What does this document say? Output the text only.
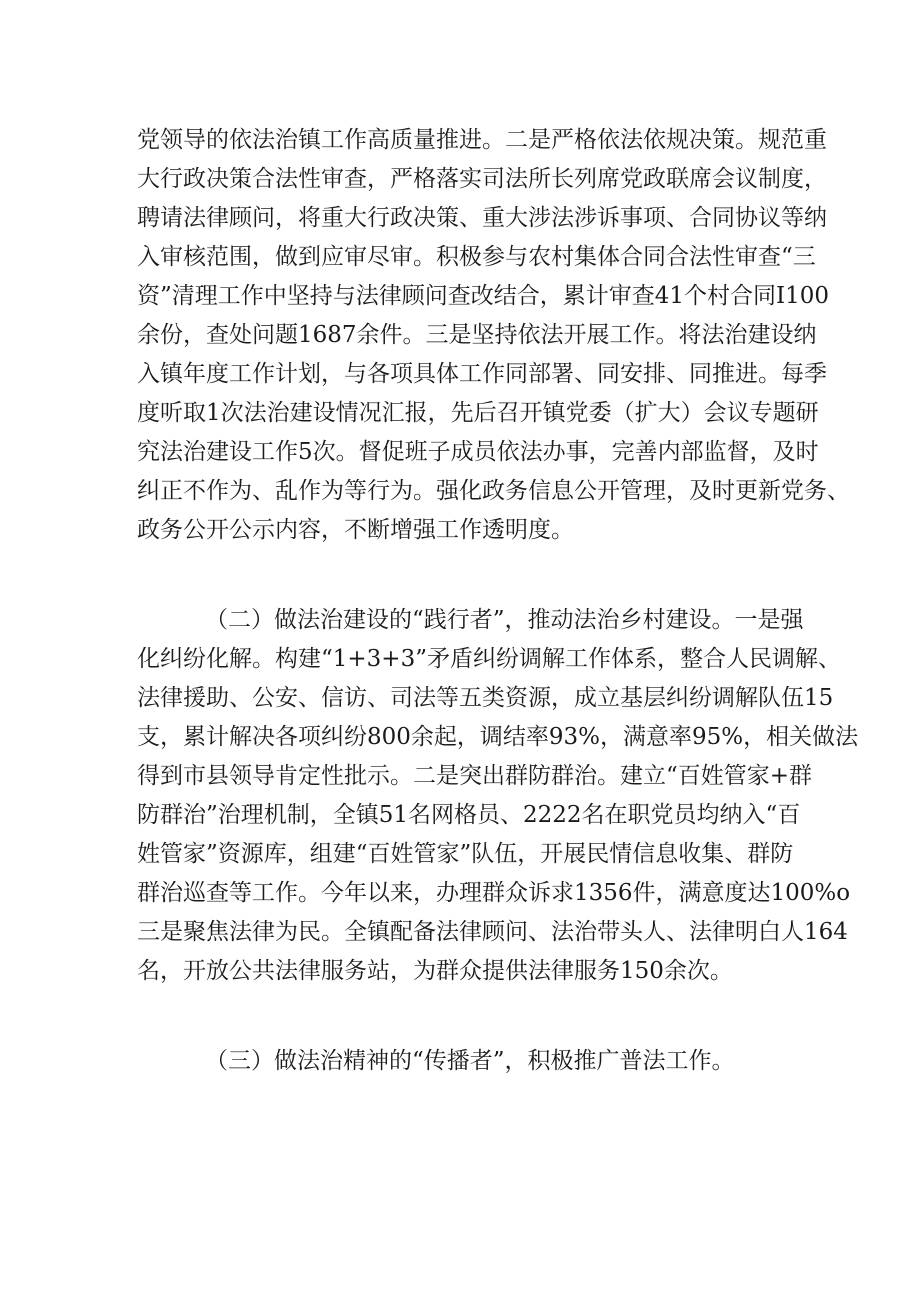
党领导的依法治镇工作高质量推进。二是严格依法依规决策。规范重
大行政决策合法性审查，严格落实司法所长列席党政联席会议制度，
聘请法律顾问，将重大行政决策、重大涉法涉诉事项、合同协议等纳
入审核范围，做到应审尽审。积极参与农村集体合同合法性审查“三
资”清理工作中坚持与法律顾问查改结合，累计审查41个村合同I100
余份，查处问题1687余件。三是坚持依法开展工作。将法治建设纳
入镇年度工作计划，与各项具体工作同部署、同安排、同推进。每季
度听取1次法治建设情况汇报，先后召开镇党委（扩大）会议专题研
究法治建设工作5次。督促班子成员依法办事，完善内部监督，及时
纠正不作为、乱作为等行为。强化政务信息公开管理，及时更新党务、
政务公开公示内容，不断增强工作透明度。

（二）做法治建设的“践行者”，推动法治乡村建设。一是强
化纠纷化解。构建“1+3+3”矛盾纠纷调解工作体系，整合人民调解、
法律援助、公安、信访、司法等五类资源，成立基层纠纷调解队伍15
支，累计解决各项纠纷800余起，调结率93%，满意率95%，相关做法
得到市县领导肯定性批示。二是突出群防群治。建立“百姓管家+群
防群治”治理机制，全镇51名网格员、2222名在职党员均纳入“百
姓管家”资源库，组建“百姓管家”队伍，开展民情信息收集、群防
群治巡查等工作。今年以来，办理群众诉求1356件，满意度达100%o
三是聚焦法律为民。全镇配备法律顾问、法治带头人、法律明白人164
名，开放公共法律服务站，为群众提供法律服务150余次。

（三）做法治精神的“传播者”，积极推广普法工作。
